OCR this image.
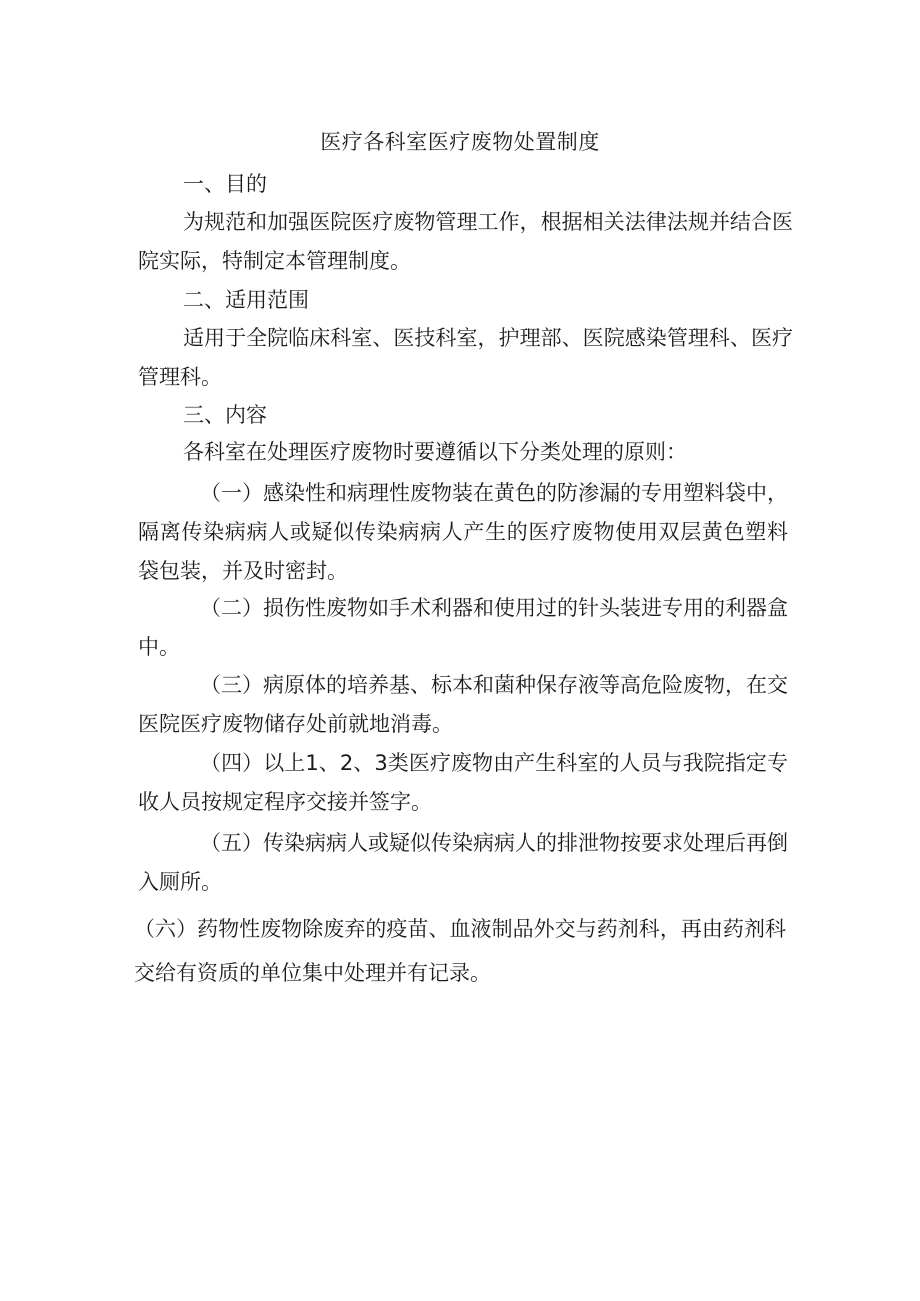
医疗各科室医疗废物处置制度
一、目的
为规范和加强医院医疗废物管理工作，根据相关法律法规并结合医院实际，特制定本管理制度。
二、适用范围
适用于全院临床科室、医技科室，护理部、医院感染管理科、医疗管理科。
三、内容
各科室在处理医疗废物时要遵循以下分类处理的原则：
（一）感染性和病理性废物装在黄色的防渗漏的专用塑料袋中，隔离传染病病人或疑似传染病病人产生的医疗废物使用双层黄色塑料袋包装，并及时密封。
（二）损伤性废物如手术利器和使用过的针头装进专用的利器盒中。
（三）病原体的培养基、标本和菌种保存液等高危险废物，在交医院医疗废物储存处前就地消毒。
（四）以上1、2、3类医疗废物由产生科室的人员与我院指定专收人员按规定程序交接并签字。
（五）传染病病人或疑似传染病病人的排泄物按要求处理后再倒入厕所。
（六）药物性废物除废弃的疫苗、血液制品外交与药剂科，再由药剂科交给有资质的单位集中处理并有记录。
